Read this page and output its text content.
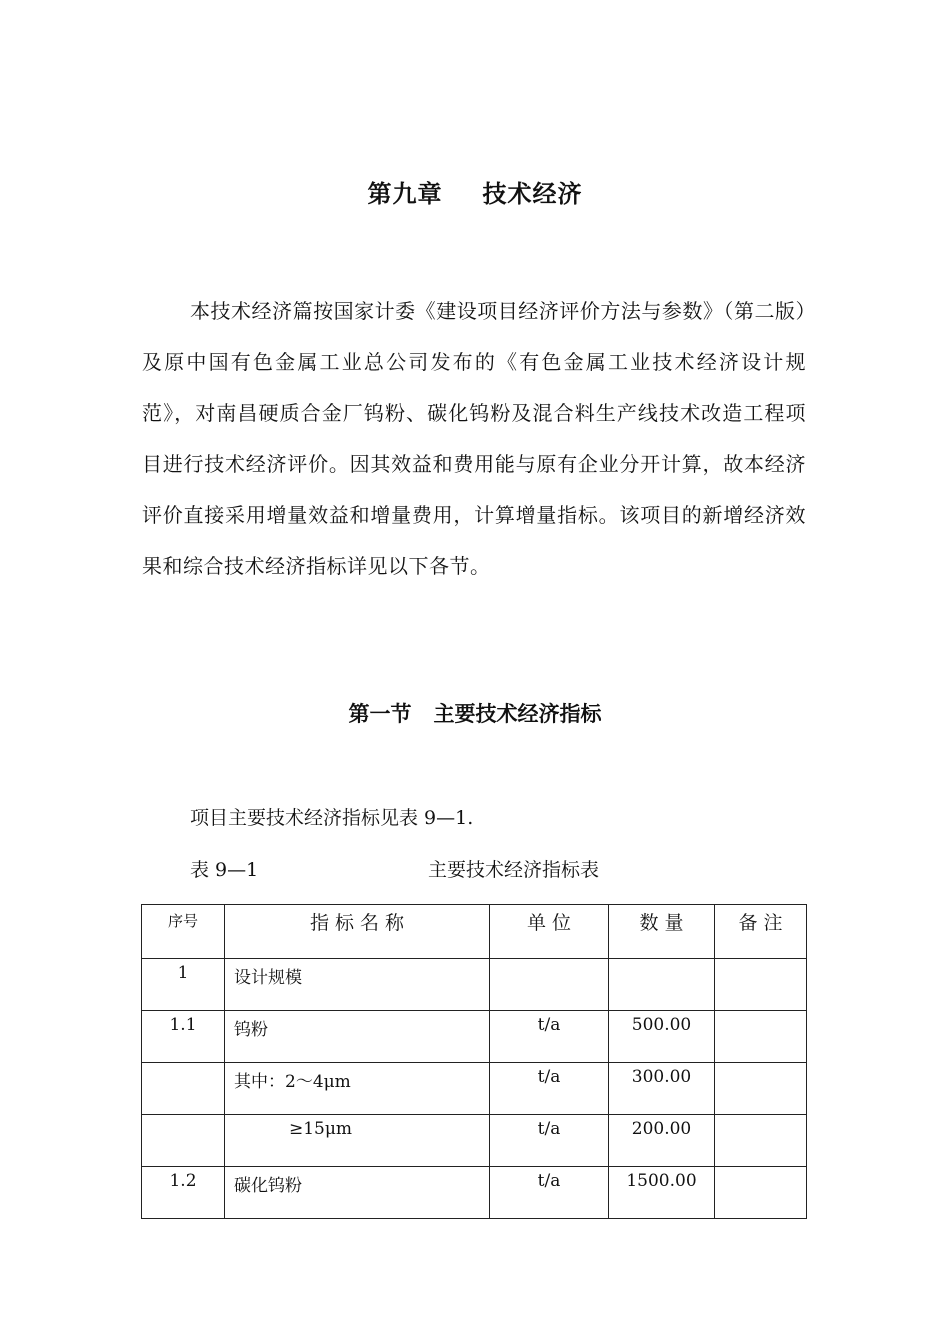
第九章 技术经济

本技术经济篇按国家计委《建设项目经济评价方法与参数》（第二版）及原中国有色金属工业总公司发布的《有色金属工业技术经济设计规范》，对南昌硬质合金厂钨粉、碳化钨粉及混合料生产线技术改造工程项目进行技术经济评价。因其效益和费用能与原有企业分开计算，故本经济评价直接采用增量效益和增量费用，计算增量指标。该项目的新增经济效果和综合技术经济指标详见以下各节。

第一节 主要技术经济指标

项目主要技术经济指标见表 9—1.

表 9—1	主要技术经济指标表
序号	指 标 名 称	单 位	数 量	备 注
1	设计规模			
1.1	钨粉	t/a	500.00	
	其中：2～4μm	t/a	300.00	
	≥15μm	t/a	200.00	
1.2	碳化钨粉	t/a	1500.00	
